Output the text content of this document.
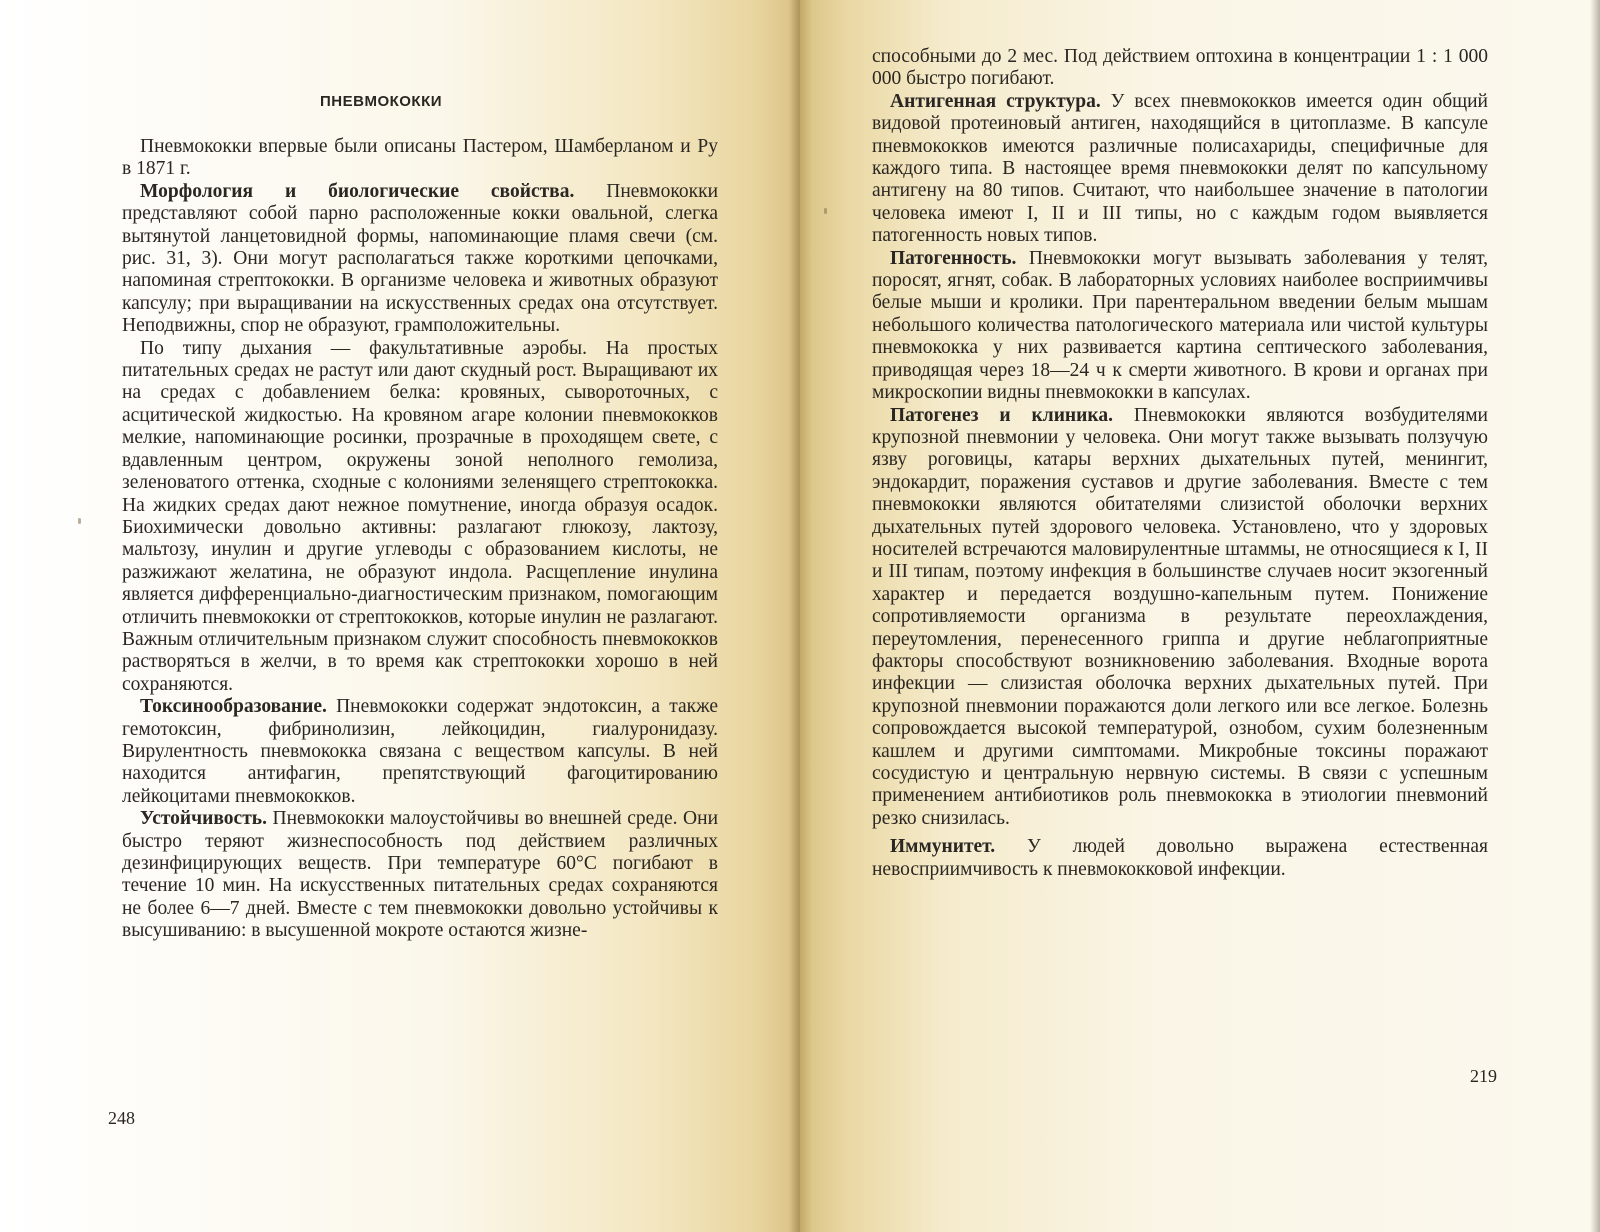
ПНЕВМОКОККИ

Пневмококки впервые были описаны Пастером, Шамберланом и Ру в 1871 г.

Морфология и биологические свойства. Пневмококки представляют собой парно расположенные кокки овальной, слегка вытянутой ланцетовидной формы, напоминающие пламя свечи (см. рис. 31, 3). Они могут располагаться также короткими цепочками, напоминая стрептококки. В организме человека и животных образуют капсулу; при выращивании на искусственных средах она отсутствует. Неподвижны, спор не образуют, грамположительны.

По типу дыхания — факультативные аэробы. На простых питательных средах не растут или дают скудный рост. Выращивают их на средах с добавлением белка: кровяных, сывороточных, с асцитической жидкостью. На кровяном агаре колонии пневмококков мелкие, напоминающие росинки, прозрачные в проходящем свете, с вдавленным центром, окружены зоной неполного гемолиза, зеленоватого оттенка, сходные с колониями зеленящего стрептококка. На жидких средах дают нежное помутнение, иногда образуя осадок. Биохимически довольно активны: разлагают глюкозу, лактозу, мальтозу, инулин и другие углеводы с образованием кислоты, не разжижают желатина, не образуют индола. Расщепление инулина является дифференциально-диагностическим признаком, помогающим отличить пневмококки от стрептококков, которые инулин не разлагают. Важным отличительным признаком служит способность пневмококков растворяться в желчи, в то время как стрептококки хорошо в ней сохраняются.

Токсинообразование. Пневмококки содержат эндотоксин, а также гемотоксин, фибринолизин, лейкоцидин, гиалуронидазу. Вирулентность пневмококка связана с веществом капсулы. В ней находится антифагин, препятствующий фагоцитированию лейкоцитами пневмококков.

Устойчивость. Пневмококки малоустойчивы во внешней среде. Они быстро теряют жизнеспособность под действием различных дезинфицирующих веществ. При температуре 60°С погибают в течение 10 мин. На искусственных питательных средах сохраняются не более 6—7 дней. Вместе с тем пневмококки довольно устойчивы к высушиванию: в высушенной мокроте остаются жизне-

248

способными до 2 мес. Под действием оптохина в концентрации 1 : 1 000 000 быстро погибают.

Антигенная структура. У всех пневмококков имеется один общий видовой протеиновый антиген, находящийся в цитоплазме. В капсуле пневмококков имеются различные полисахариды, специфичные для каждого типа. В настоящее время пневмококки делят по капсульному антигену на 80 типов. Считают, что наибольшее значение в патологии человека имеют I, II и III типы, но с каждым годом выявляется патогенность новых типов.

Патогенность. Пневмококки могут вызывать заболевания у телят, поросят, ягнят, собак. В лабораторных условиях наиболее восприимчивы белые мыши и кролики. При парентеральном введении белым мышам небольшого количества патологического материала или чистой культуры пневмококка у них развивается картина септического заболевания, приводящая через 18—24 ч к смерти животного. В крови и органах при микроскопии видны пневмококки в капсулах.

Патогенез и клиника. Пневмококки являются возбудителями крупозной пневмонии у человека. Они могут также вызывать ползучую язву роговицы, катары верхних дыхательных путей, менингит, эндокардит, поражения суставов и другие заболевания. Вместе с тем пневмококки являются обитателями слизистой оболочки верхних дыхательных путей здорового человека. Установлено, что у здоровых носителей встречаются маловирулентные штаммы, не относящиеся к I, II и III типам, поэтому инфекция в большинстве случаев носит экзогенный характер и передается воздушно-капельным путем. Понижение сопротивляемости организма в результате переохлаждения, переутомления, перенесенного гриппа и другие неблагоприятные факторы способствуют возникновению заболевания. Входные ворота инфекции — слизистая оболочка верхних дыхательных путей. При крупозной пневмонии поражаются доли легкого или все легкое. Болезнь сопровождается высокой температурой, ознобом, сухим болезненным кашлем и другими симптомами. Микробные токсины поражают сосудистую и центральную нервную системы. В связи с успешным применением антибиотиков роль пневмококка в этиологии пневмоний резко снизилась.

Иммунитет. У людей довольно выражена естественная невосприимчивость к пневмококковой инфекции.

219
